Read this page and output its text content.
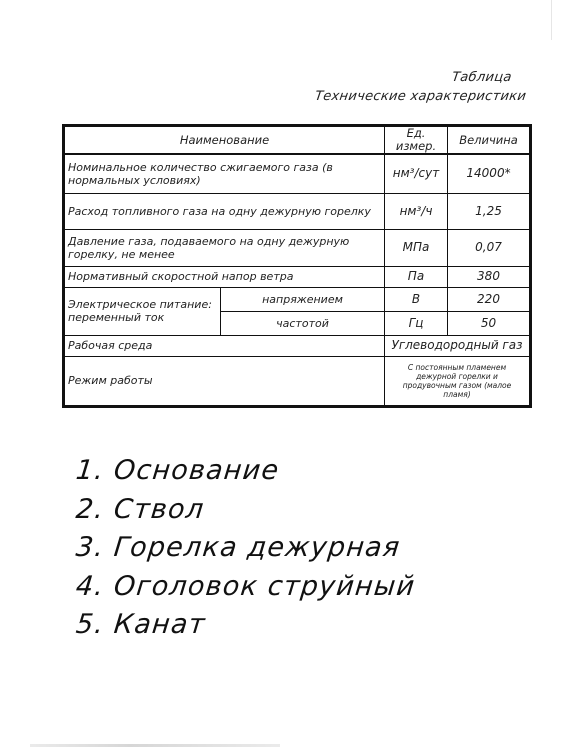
Таблица
Технические характеристики
Наименование		Ед. измер.	Величина
Номинальное количество сжигаемого газа (в нормальных условиях)		нм³/сут	14000*
Расход топливного газа на одну дежурную горелку		нм³/ч	1,25
Давление газа, подаваемого на одну дежурную горелку, не менее		МПа	0,07
Нормативный скоростной напор ветра		Па	380
Электрическое питание: переменный ток	напряжением	В	220
	частотой	Гц	50
Рабочая среда		Углеводородный газ	
Режим работы		С постоянным пламенем дежурной горелки и продувочным газом (малое пламя)	
1. Основание
2. Ствол
3. Горелка дежурная
4. Оголовок струйный
5. Канат
